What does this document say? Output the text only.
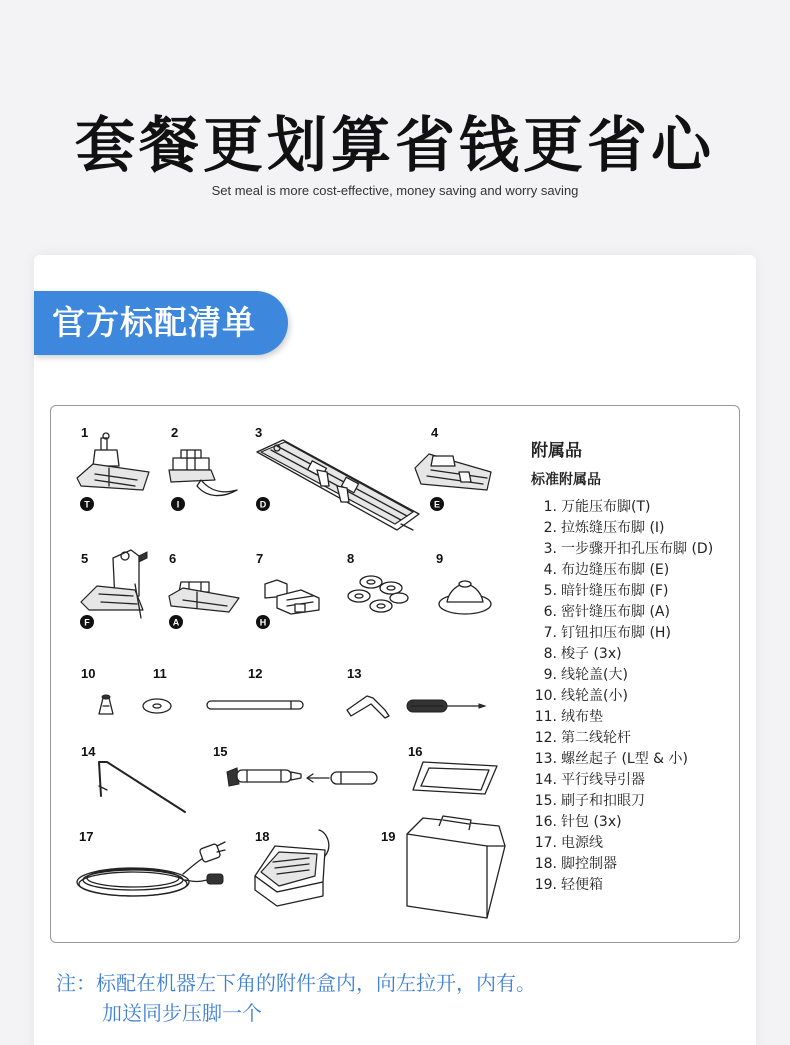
套餐更划算省钱更省心
Set meal is more cost-effective, money saving and worry saving
官方标配清单
1	2	3	4
5	6	7	8	9
10	11	12	13
14	15	16
17	18	19
T	I	D	E
F	A	H
附属品
标准附属品
1. 万能压布脚(T)
2. 拉炼缝压布脚 (I)
3. 一步骤开扣孔压布脚 (D)
4. 布边缝压布脚 (E)
5. 暗针缝压布脚 (F)
6. 密针缝压布脚 (A)
7. 钉钮扣压布脚 (H)
8. 梭子 (3x)
9. 线轮盖(大)
10. 线轮盖(小)
11. 绒布垫
12. 第二线轮杆
13. 螺丝起子 (L型 & 小)
14. 平行线导引器
15. 刷子和扣眼刀
16. 针包 (3x)
17. 电源线
18. 脚控制器
19. 轻便箱
注：标配在机器左下角的附件盒内，向左拉开，内有。
加送同步压脚一个
